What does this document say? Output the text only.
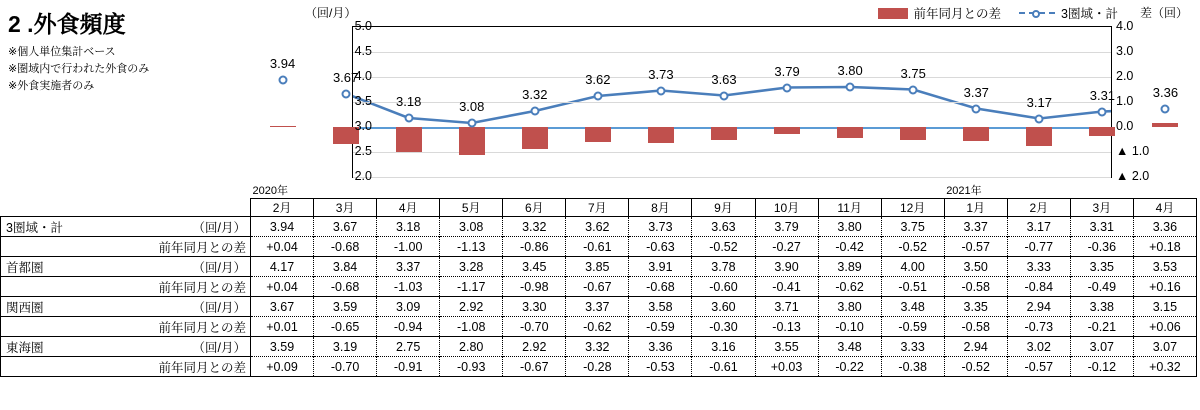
2 .外食頻度
※個人単位集計ベース
※圏域内で行われた外食のみ
※外食実施者のみ
（回/月）	差（回）
前年同月との差	3圏域・計
3.94
3.67
3.18	3.08
3.32
3.62	3.73	3.63
3.79	3.80	3.75
3.37
3.17	3.31	3.36
5.0
4.5
4.0
3.5
3.0
2.5
2.0
4.0
3.0
2.0
1.0
0.0
▲ 1.0
▲ 2.0
	2020年											2021年			
	2月	3月	4月	5月	6月	7月	8月	9月	10月	11月	12月	1月	2月	3月	4月
3圏域・計 （回/月）	3.94	3.67	3.18	3.08	3.32	3.62	3.73	3.63	3.79	3.80	3.75	3.37	3.17	3.31	3.36
前年同月との差	+0.04	-0.68	-1.00	-1.13	-0.86	-0.61	-0.63	-0.52	-0.27	-0.42	-0.52	-0.57	-0.77	-0.36	+0.18
首都圏 （回/月）	4.17	3.84	3.37	3.28	3.45	3.85	3.91	3.78	3.90	3.89	4.00	3.50	3.33	3.35	3.53
前年同月との差	+0.04	-0.68	-1.03	-1.17	-0.98	-0.67	-0.68	-0.60	-0.41	-0.62	-0.51	-0.58	-0.84	-0.49	+0.16
関西圏 （回/月）	3.67	3.59	3.09	2.92	3.30	3.37	3.58	3.60	3.71	3.80	3.48	3.35	2.94	3.38	3.15
前年同月との差	+0.01	-0.65	-0.94	-1.08	-0.70	-0.62	-0.59	-0.30	-0.13	-0.10	-0.59	-0.58	-0.73	-0.21	+0.06
東海圏 （回/月）	3.59	3.19	2.75	2.80	2.92	3.32	3.36	3.16	3.55	3.48	3.33	2.94	3.02	3.07	3.07
前年同月との差	+0.09	-0.70	-0.91	-0.93	-0.67	-0.28	-0.53	-0.61	+0.03	-0.22	-0.38	-0.52	-0.57	-0.12	+0.32
